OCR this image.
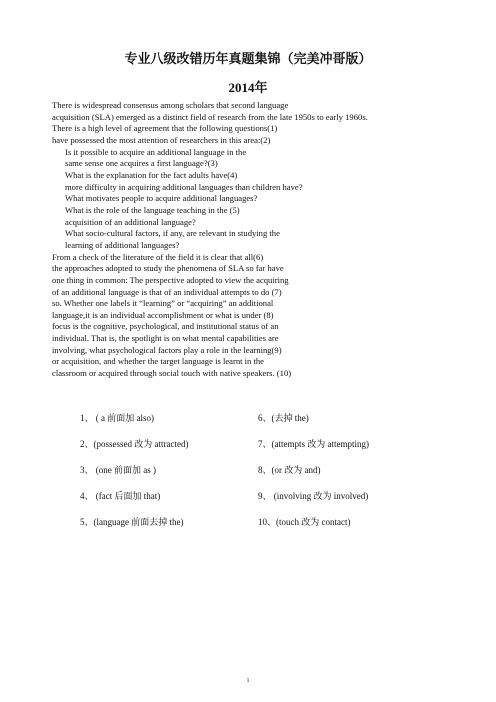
专业八级改错历年真题集锦（完美冲哥版）
2014年
There is widespread consensus among scholars that second language
acquisition (SLA) emerged as a distinct field of research from the late 1950s to early 1960s.
There is a high level of agreement that the following questions(1)
have possessed the most attention of researchers in this area:(2)
Is it possible to acquire an additional language in the
same sense one acquires a first language?(3)
What is the explanation for the fact adults have(4)
more difficulty in acquiring additional languages than children have?
What motivates people to acquire additional languages?
What is the role of the language teaching in the (5)
acquisition of an additional language?
What socio-cultural factors, if any, are relevant in studying the
learning of additional languages?
From a check of the literature of the field it is clear that all(6)
the approaches adopted to study the phenomena of SLA so far have
one thing in common: The perspective adopted to view the acquiring
of an additional language is that of an individual attempts to do (7)
so. Whether one labels it “learning” or “acquiring” an additional
language,it is an individual accomplishment or what is under (8)
focus is the cognitive, psychological, and institutional status of an
individual. That is, the spotlight is on what mental capabilities are
involving, what psychological factors play a role in the learning(9)
or acquisition, and whether the target language is learnt in the
classroom or acquired through social touch with native speakers. (10)
1、 ( a 前面加 also)	6、(去掉 the)
2、(possessed 改为 attracted)	7、(attempts 改为 attempting)
3、 (one 前面加 as )	8、(or 改为 and)
4、 (fact 后面加 that)	9、 (involving 改为 involved)
5、(language 前面去掉 the)	10、(touch 改为 contact)
1
